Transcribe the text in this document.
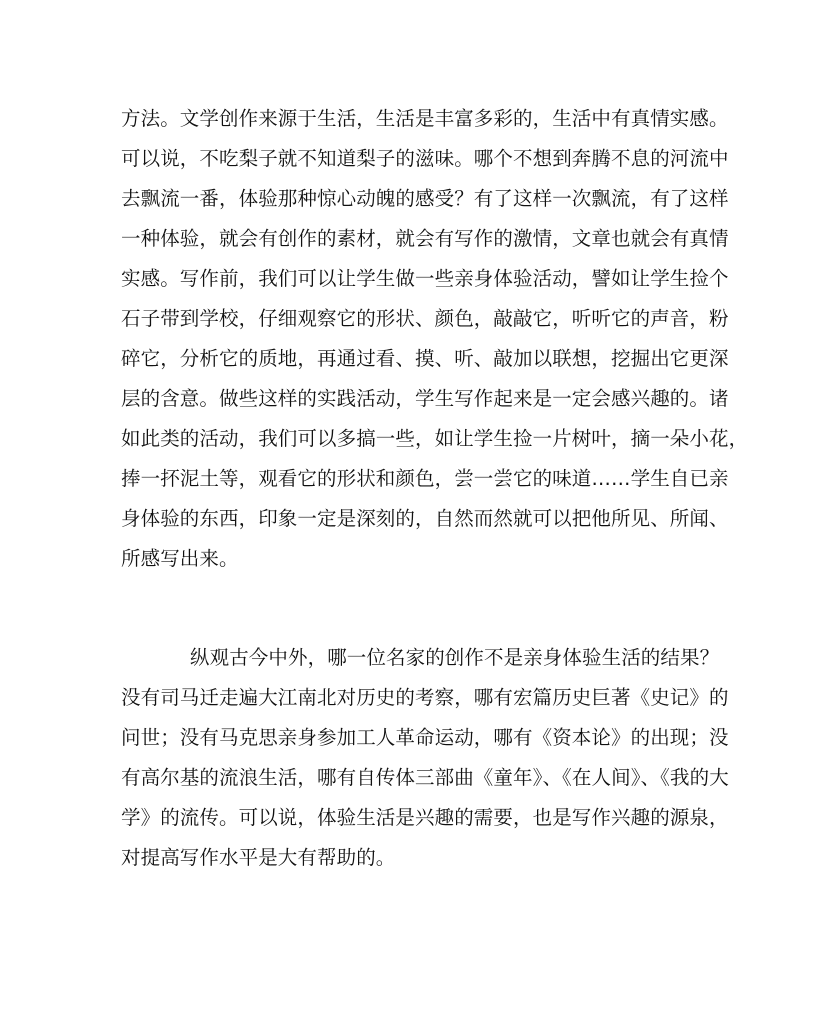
方法。文学创作来源于生活，生活是丰富多彩的，生活中有真情实感。
可以说，不吃梨子就不知道梨子的滋味。哪个不想到奔腾不息的河流中
去飘流一番，体验那种惊心动魄的感受？有了这样一次飘流，有了这样
一种体验，就会有创作的素材，就会有写作的激情，文章也就会有真情
实感。写作前，我们可以让学生做一些亲身体验活动，譬如让学生捡个
石子带到学校，仔细观察它的形状、颜色，敲敲它，听听它的声音，粉
碎它，分析它的质地，再通过看、摸、听、敲加以联想，挖掘出它更深
层的含意。做些这样的实践活动，学生写作起来是一定会感兴趣的。诸
如此类的活动，我们可以多搞一些，如让学生捡一片树叶，摘一朵小花，
捧一抔泥土等，观看它的形状和颜色，尝一尝它的味道……学生自已亲
身体验的东西，印象一定是深刻的，自然而然就可以把他所见、所闻、
所感写出来。
纵观古今中外，哪一位名家的创作不是亲身体验生活的结果？
没有司马迁走遍大江南北对历史的考察，哪有宏篇历史巨著《史记》的
问世；没有马克思亲身参加工人革命运动，哪有《资本论》的出现；没
有高尔基的流浪生活，哪有自传体三部曲《童年》、《在人间》、《我的大
学》的流传。可以说，体验生活是兴趣的需要，也是写作兴趣的源泉，
对提高写作水平是大有帮助的。
